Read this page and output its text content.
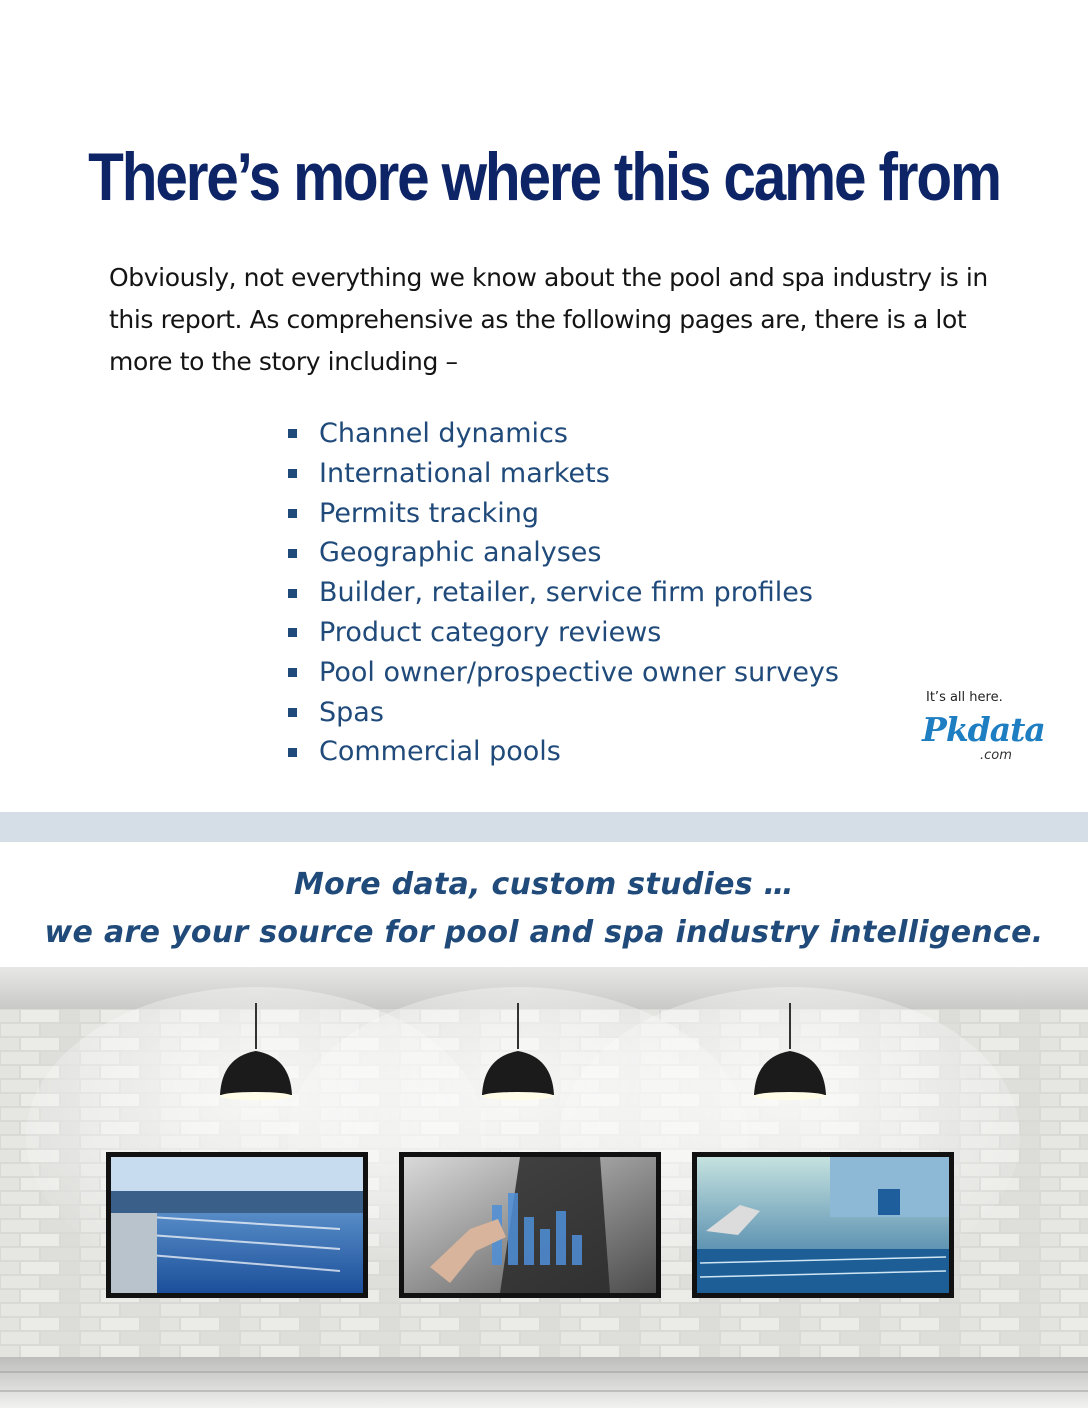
There’s more where this came from
Obviously, not everything we know about the pool and spa industry is in this report. As comprehensive as the following pages are, there is a lot more to the story including –
Channel dynamics
International markets
Permits tracking
Geographic analyses
Builder, retailer, service firm profiles
Product category reviews
Pool owner/prospective owner surveys
Spas
Commercial pools
It’s all here.
Pkdata
.com
More data, custom studies …
we are your source for pool and spa industry intelligence.
